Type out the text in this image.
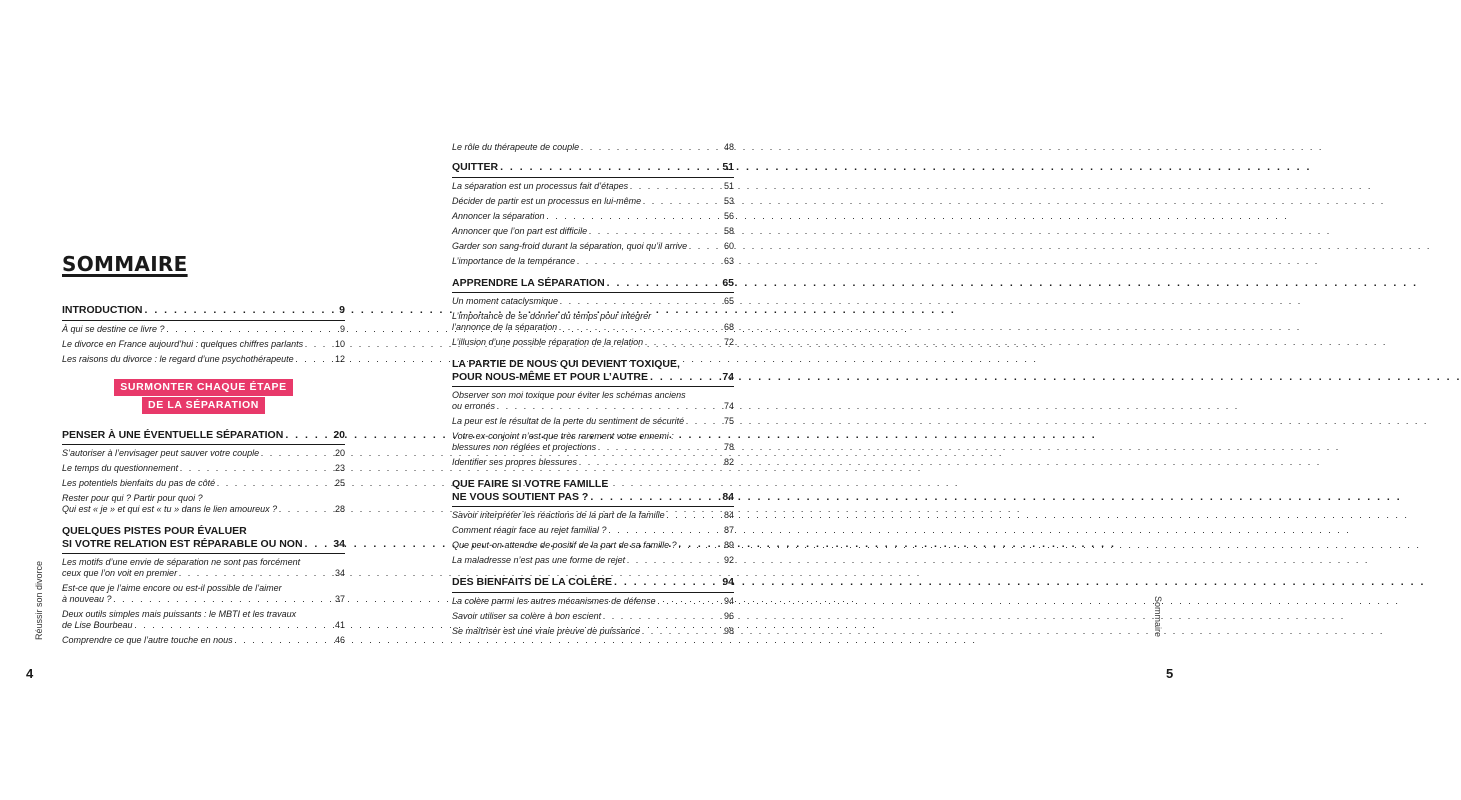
SOMMAIRE
INTRODUCTION . . .	9
À qui se destine ce livre ? . . .	9
Le divorce en France aujourd’hui : quelques chiffres parlants . . .	10
Les raisons du divorce : le regard d’une psychothérapeute . . .	12
SURMONTER CHAQUE ÉTAPE
DE LA SÉPARATION
PENSER À UNE ÉVENTUELLE SÉPARATION . . .	20
S’autoriser à l’envisager peut sauver votre couple . . .	20
Le temps du questionnement . . .	23
Les potentiels bienfaits du pas de côté . . .	25
Rester pour qui ? Partir pour quoi ?
Qui est « je » et qui est « tu » dans le lien amoureux ? . . .	28
QUELQUES PISTES POUR ÉVALUER
SI VOTRE RELATION EST RÉPARABLE OU NON . . .	34
Les motifs d’une envie de séparation ne sont pas forcément
ceux que l’on voit en premier . . .	34
Est-ce que je l’aime encore ou est-il possible de l’aimer
à nouveau ? . . .	37
Deux outils simples mais puissants : le MBTI et les travaux
de Lise Bourbeau . . .	41
Comprendre ce que l’autre touche en nous . . .	46
Réussir son divorce
4
Le rôle du thérapeute de couple . . .	48
QUITTER . . .	51
La séparation est un processus fait d’étapes . . .	51
Décider de partir est un processus en lui-même . . .	53
Annoncer la séparation . . .	56
Annoncer que l’on part est difficile . . .	58
Garder son sang-froid durant la séparation, quoi qu’il arrive . . .	60
L’importance de la tempérance . . .	63
APPRENDRE LA SÉPARATION . . .	65
Un moment cataclysmique . . .	65
L’importance de se donner du temps pour intégrer
l’annonce de la séparation . . .	68
L’illusion d’une possible réparation de la relation . . .	72
LA PARTIE DE NOUS QUI DEVIENT TOXIQUE,
POUR NOUS-MÊME ET POUR L’AUTRE . . .	74
Observer son moi toxique pour éviter les schémas anciens
ou erronés . . .	74
La peur est le résultat de la perte du sentiment de sécurité . . .	75
Votre ex-conjoint n’est que très rarement votre ennemi :
blessures non réglées et projections . . .	78
Identifier ses propres blessures . . .	82
QUE FAIRE SI VOTRE FAMILLE
NE VOUS SOUTIENT PAS ? . . .	84
Savoir interpréter les réactions de la part de la famille . . .	84
Comment réagir face au rejet familial ? . . .	87
Que peut-on attendre de positif de la part de sa famille ? . . .	89
La maladresse n’est pas une forme de rejet . . .	92
DES BIENFAITS DE LA COLÈRE . . .	94
La colère parmi les autres mécanismes de défense . . .	94
Savoir utiliser sa colère à bon escient . . .	96
Se maîtriser est une vraie preuve de puissance . . .	98	Sommaire
5
